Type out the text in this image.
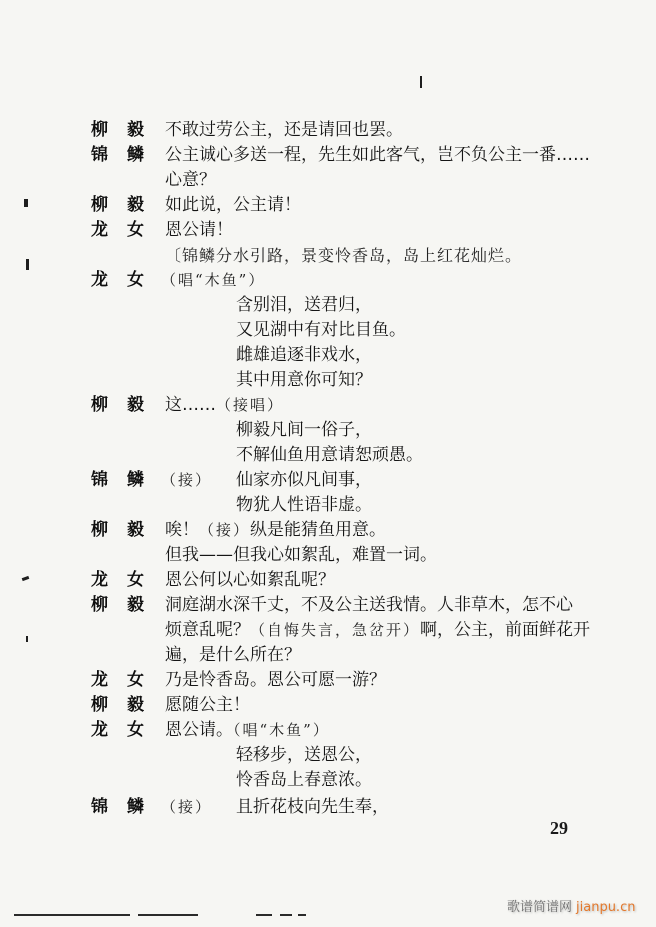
柳毅 不敢过劳公主，还是请回也罢。
锦鳞 公主诚心多送一程，先生如此客气，岂不负公主一番……
心意？
柳毅 如此说，公主请！
龙女 恩公请！
〔锦鳞分水引路，景变怜香岛，岛上红花灿烂。
龙女
（唱“木鱼”）
含别泪，送君归，
又见湖中有对比目鱼。
雌雄追逐非戏水，
其中用意你可知？
柳毅 这……（接唱）
柳毅凡间一俗子，
不解仙鱼用意请恕顽愚。
锦鳞
（接） 仙家亦似凡间事，
物犹人性语非虚。
柳毅 唉！（接）纵是能猜鱼用意。
但我——但我心如絮乱，难置一词。
龙女 恩公何以心如絮乱呢？
柳毅 洞庭湖水深千丈，不及公主送我情。人非草木，怎不心
烦意乱呢？（自悔失言，急岔开）啊，公主，前面鲜花开
遍，是什么所在？
龙女 乃是怜香岛。恩公可愿一游？
柳毅 愿随公主！
龙女 恩公请。（唱“木鱼”）
轻移步，送恩公，
怜香岛上春意浓。
锦鳞
（接） 且折花枝向先生奉，
29
歌谱简谱网 jianpu.cn
